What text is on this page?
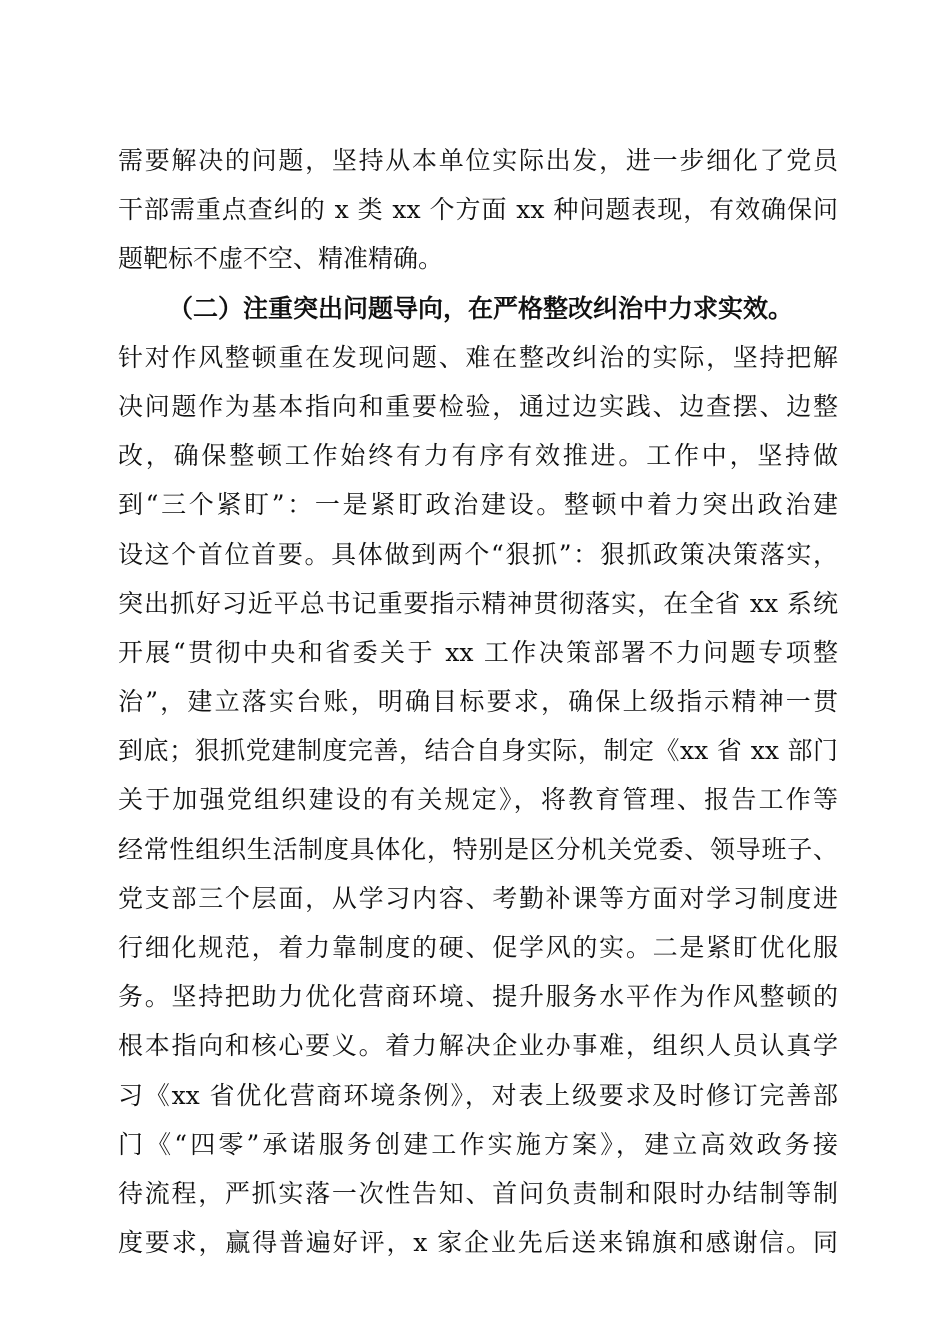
需要解决的问题，坚持从本单位实际出发，进一步细化了党员
干部需重点查纠的 x 类 xx 个方面 xx 种问题表现，有效确保问
题靶标不虚不空、精准精确。
（二）注重突出问题导向，在严格整改纠治中力求实效。
针对作风整顿重在发现问题、难在整改纠治的实际，坚持把解
决问题作为基本指向和重要检验，通过边实践、边查摆、边整
改，确保整顿工作始终有力有序有效推进。工作中，坚持做
到“三个紧盯”：一是紧盯政治建设。整顿中着力突出政治建
设这个首位首要。具体做到两个“狠抓”：狠抓政策决策落实，
突出抓好习近平总书记重要指示精神贯彻落实，在全省 xx 系统
开展“贯彻中央和省委关于 xx 工作决策部署不力问题专项整
治”，建立落实台账，明确目标要求，确保上级指示精神一贯
到底；狠抓党建制度完善，结合自身实际，制定《xx 省 xx 部门
关于加强党组织建设的有关规定》，将教育管理、报告工作等
经常性组织生活制度具体化，特别是区分机关党委、领导班子、
党支部三个层面，从学习内容、考勤补课等方面对学习制度进
行细化规范，着力靠制度的硬、促学风的实。二是紧盯优化服
务。坚持把助力优化营商环境、提升服务水平作为作风整顿的
根本指向和核心要义。着力解决企业办事难，组织人员认真学
习《xx 省优化营商环境条例》，对表上级要求及时修订完善部
门《“四零”承诺服务创建工作实施方案》，建立高效政务接
待流程，严抓实落一次性告知、首问负责制和限时办结制等制
度要求，赢得普遍好评，x 家企业先后送来锦旗和感谢信。同
